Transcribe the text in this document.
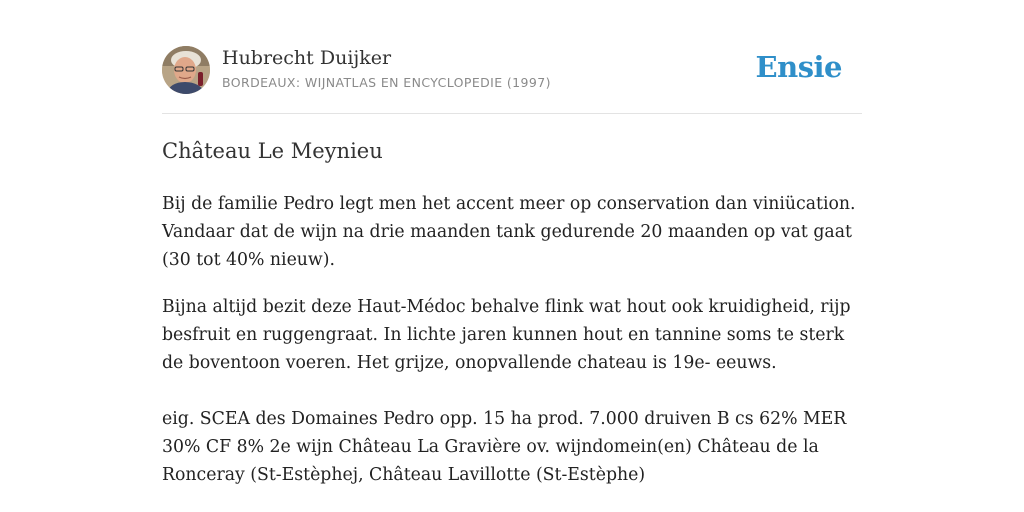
Hubrecht Duijker
BORDEAUX: WIJNATLAS EN ENCYCLOPEDIE (1997)	Ensie
Château Le Meynieu

Bij de familie Pedro legt men het accent meer op conservation dan viniücation. Vandaar dat de wijn na drie maanden tank gedurende 20 maanden op vat gaat (30 tot 40% nieuw).

Bijna altijd bezit deze Haut-Médoc behalve flink wat hout ook kruidigheid, rijp besfruit en ruggengraat. In lichte jaren kunnen hout en tannine soms te sterk de boventoon voeren. Het grijze, onopvallende chateau is 19e- eeuws.

eig. SCEA des Domaines Pedro opp. 15 ha prod. 7.000 druiven B cs 62% MER 30% CF 8% 2e wijn Château La Gravière ov. wijndomein(en) Château de la Ronceray (St-Estèphej, Château Lavillotte (St-Estèphe)
